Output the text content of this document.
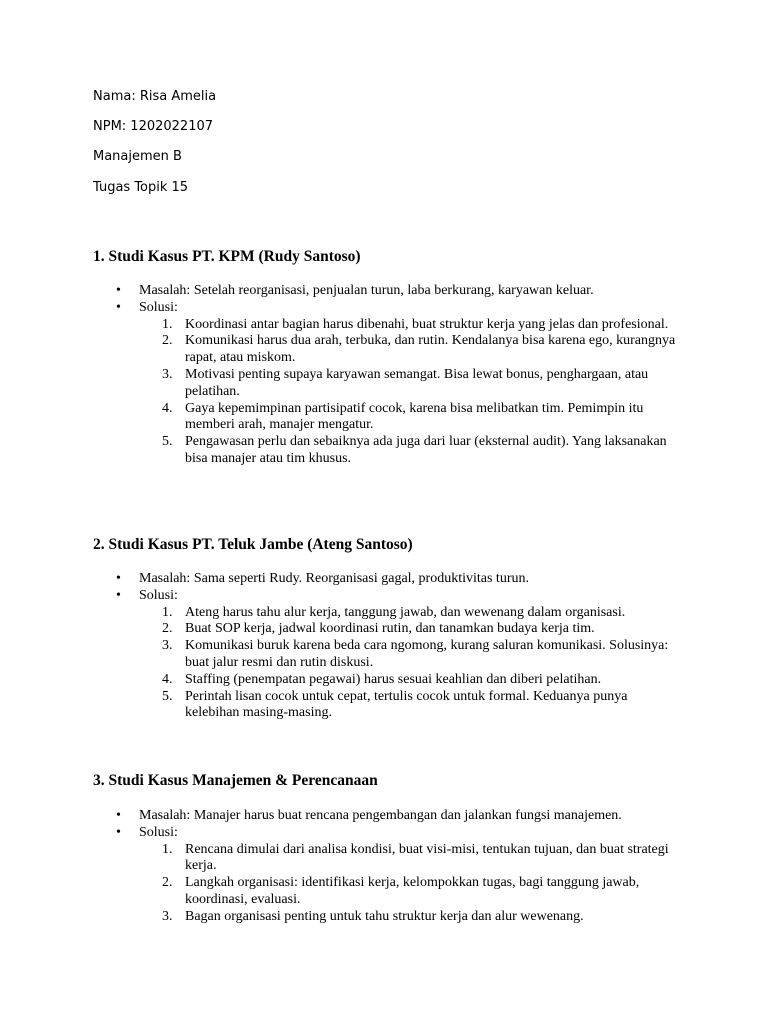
Nama: Risa Amelia
NPM: 1202022107
Manajemen B
Tugas Topik 15
1. Studi Kasus PT. KPM (Rudy Santoso)
• Masalah: Setelah reorganisasi, penjualan turun, laba berkurang, karyawan keluar.
• Solusi:
1. Koordinasi antar bagian harus dibenahi, buat struktur kerja yang jelas dan profesional.
2. Komunikasi harus dua arah, terbuka, dan rutin. Kendalanya bisa karena ego, kurangnya rapat, atau miskom.
3. Motivasi penting supaya karyawan semangat. Bisa lewat bonus, penghargaan, atau pelatihan.
4. Gaya kepemimpinan partisipatif cocok, karena bisa melibatkan tim. Pemimpin itu memberi arah, manajer mengatur.
5. Pengawasan perlu dan sebaiknya ada juga dari luar (eksternal audit). Yang laksanakan bisa manajer atau tim khusus.
2. Studi Kasus PT. Teluk Jambe (Ateng Santoso)
• Masalah: Sama seperti Rudy. Reorganisasi gagal, produktivitas turun.
• Solusi:
1. Ateng harus tahu alur kerja, tanggung jawab, dan wewenang dalam organisasi.
2. Buat SOP kerja, jadwal koordinasi rutin, dan tanamkan budaya kerja tim.
3. Komunikasi buruk karena beda cara ngomong, kurang saluran komunikasi. Solusinya: buat jalur resmi dan rutin diskusi.
4. Staffing (penempatan pegawai) harus sesuai keahlian dan diberi pelatihan.
5. Perintah lisan cocok untuk cepat, tertulis cocok untuk formal. Keduanya punya kelebihan masing-masing.
3. Studi Kasus Manajemen & Perencanaan
• Masalah: Manajer harus buat rencana pengembangan dan jalankan fungsi manajemen.
• Solusi:
1. Rencana dimulai dari analisa kondisi, buat visi-misi, tentukan tujuan, dan buat strategi kerja.
2. Langkah organisasi: identifikasi kerja, kelompokkan tugas, bagi tanggung jawab, koordinasi, evaluasi.
3. Bagan organisasi penting untuk tahu struktur kerja dan alur wewenang.
